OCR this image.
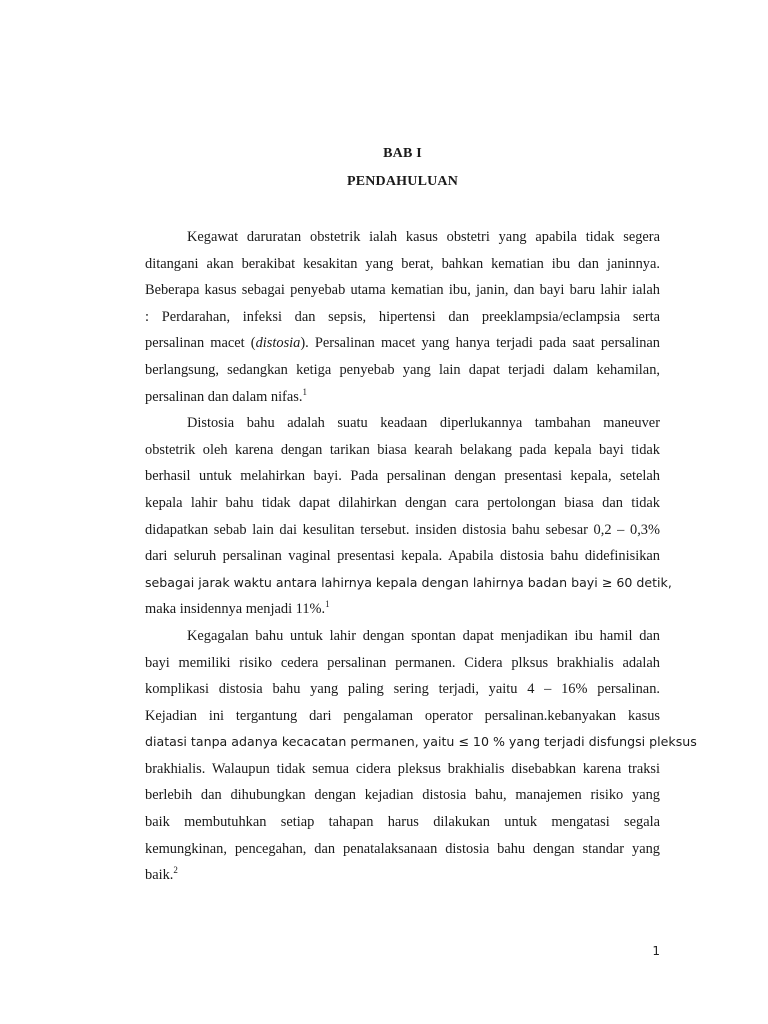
BAB I
PENDAHULUAN

Kegawat daruratan obstetrik ialah kasus obstetri yang apabila tidak segera
ditangani akan berakibat kesakitan yang berat, bahkan kematian ibu dan janinnya.
Beberapa kasus sebagai penyebab utama kematian ibu, janin, dan bayi baru lahir ialah
: Perdarahan, infeksi dan sepsis, hipertensi dan preeklampsia/eclampsia serta
persalinan macet (distosia). Persalinan macet yang hanya terjadi pada saat persalinan
berlangsung, sedangkan ketiga penyebab yang lain dapat terjadi dalam kehamilan,
persalinan dan dalam nifas.$^1$

Distosia bahu adalah suatu keadaan diperlukannya tambahan maneuver
obstetrik oleh karena dengan tarikan biasa kearah belakang pada kepala bayi tidak
berhasil untuk melahirkan bayi. Pada persalinan dengan presentasi kepala, setelah
kepala lahir bahu tidak dapat dilahirkan dengan cara pertolongan biasa dan tidak
didapatkan sebab lain dai kesulitan tersebut. insiden distosia bahu sebesar 0,2 – 0,3%
dari seluruh persalinan vaginal presentasi kepala. Apabila distosia bahu didefinisikan
sebagai jarak waktu antara lahirnya kepala dengan lahirnya badan bayi ≥ 60 detik,
maka insidennya menjadi 11%.$^1$

Kegagalan bahu untuk lahir dengan spontan dapat menjadikan ibu hamil dan
bayi memiliki risiko cedera persalinan permanen. Cidera plksus brakhialis adalah
komplikasi distosia bahu yang paling sering terjadi, yaitu 4 – 16% persalinan.
Kejadian ini tergantung dari pengalaman operator persalinan.kebanyakan kasus
diatasi tanpa adanya kecacatan permanen, yaitu ≤ 10 % yang terjadi disfungsi pleksus
brakhialis. Walaupun tidak semua cidera pleksus brakhialis disebabkan karena traksi
berlebih dan dihubungkan dengan kejadian distosia bahu, manajemen risiko yang
baik membutuhkan setiap tahapan harus dilakukan untuk mengatasi segala
kemungkinan, pencegahan, dan penatalaksanaan distosia bahu dengan standar yang
baik.$^2$

1
